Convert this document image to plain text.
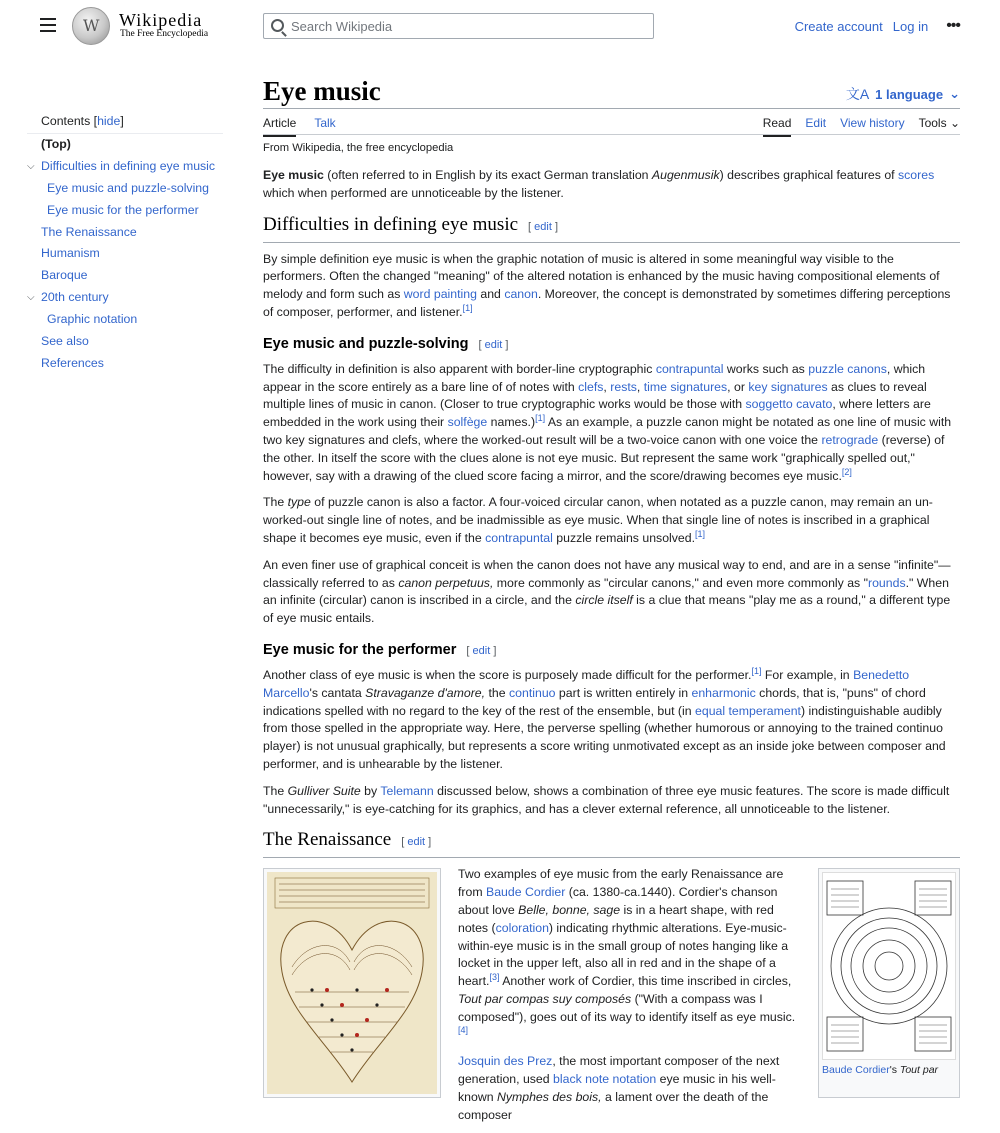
W
Wikipedia
The Free Encyclopedia
Search Wikipedia
Create account Log in •••
Eye music	文A 1 language ⌄
Article Talk	Read Edit View history Tools ⌄
From Wikipedia, the free encyclopedia
Contents [hide]
(Top)
⌵ Difficulties in defining eye music
Eye music and puzzle-solving
Eye music for the performer
The Renaissance
Humanism
Baroque
⌵ 20th century
Graphic notation
See also
References

Eye music (often referred to in English by its exact German translation Augenmusik) describes graphical features of scores which when performed are unnoticeable by the listener.

Difficulties in defining eye music [ edit ]

By simple definition eye music is when the graphic notation of music is altered in some meaningful way visible to the performers. Often the changed "meaning" of the altered notation is enhanced by the music having compositional elements of melody and form such as word painting and canon. Moreover, the concept is demonstrated by sometimes differing perceptions of composer, performer, and listener.[1]

Eye music and puzzle-solving [ edit ]

The difficulty in definition is also apparent with border-line cryptographic contrapuntal works such as puzzle canons, which appear in the score entirely as a bare line of of notes with clefs, rests, time signatures, or key signatures as clues to reveal multiple lines of music in canon. (Closer to true cryptographic works would be those with soggetto cavato, where letters are embedded in the work using their solfège names.)[1] As an example, a puzzle canon might be notated as one line of music with two key signatures and clefs, where the worked-out result will be a two-voice canon with one voice the retrograde (reverse) of the other. In itself the score with the clues alone is not eye music. But represent the same work "graphically spelled out," however, say with a drawing of the clued score facing a mirror, and the score/drawing becomes eye music.[2]

The type of puzzle canon is also a factor. A four-voiced circular canon, when notated as a puzzle canon, may remain an un-worked-out single line of notes, and be inadmissible as eye music. When that single line of notes is inscribed in a graphical shape it becomes eye music, even if the contrapuntal puzzle remains unsolved.[1]

An even finer use of graphical conceit is when the canon does not have any musical way to end, and are in a sense "infinite"—classically referred to as canon perpetuus, more commonly as "circular canons," and even more commonly as "rounds." When an infinite (circular) canon is inscribed in a circle, and the circle itself is a clue that means "play me as a round," a different type of eye music entails.

Eye music for the performer [ edit ]

Another class of eye music is when the score is purposely made difficult for the performer.[1] For example, in Benedetto Marcello's cantata Stravaganze d'amore, the continuo part is written entirely in enharmonic chords, that is, "puns" of chord indications spelled with no regard to the key of the rest of the ensemble, but (in equal temperament) indistinguishable audibly from those spelled in the appropriate way. Here, the perverse spelling (whether humorous or annoying to the trained continuo player) is not unusual graphically, but represents a score writing unmotivated except as an inside joke between composer and performer, and is unhearable by the listener.

The Gulliver Suite by Telemann discussed below, shows a combination of three eye music features. The score is made difficult "unnecessarily," is eye-catching for its graphics, and has a clever external reference, all unnoticeable to the listener.

The Renaissance [ edit ]

Two examples of eye music from the early Renaissance are from Baude Cordier (ca. 1380-ca.1440). Cordier's chanson about love Belle, bonne, sage is in a heart shape, with red notes (coloration) indicating rhythmic alterations. Eye-music-within-eye music is in the small group of notes hanging like a locket in the upper left, also all in red and in the shape of a heart.[3] Another work of Cordier, this time inscribed in circles, Tout par compas suy composés ("With a compass was I composed"), goes out of its way to identify itself as eye music.[4]

Josquin des Prez, the most important composer of the next generation, used black note notation eye music in his well-known Nymphes des bois, a lament over the death of the composer

Baude Cordier's Tout par
